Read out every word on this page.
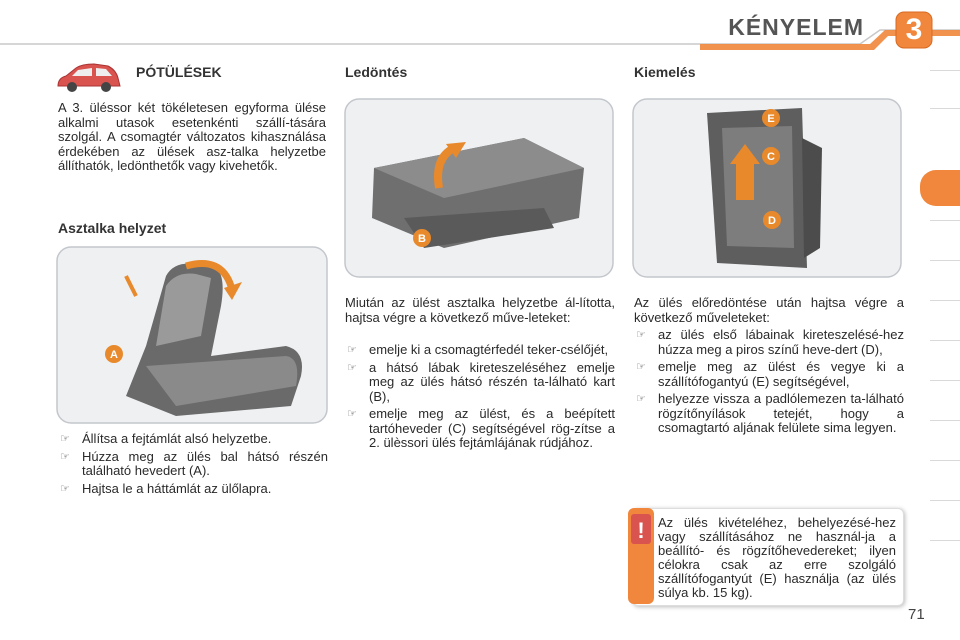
KÉNYELEM	3
PÓTÜLÉSEK
A 3. üléssor két tökéletesen egyforma ülése alkalmi utasok esetenkénti szállí-tására szolgál. A csomagtér változatos kihasználása érdekében az ülések asz-talka helyzetbe állíthatók, ledönthetők vagy kivehetők.
Asztalka helyzet
A
☞ Állítsa a fejtámlát alsó helyzetbe.
☞ Húzza meg az ülés bal hátsó részén található hevedert (A).
☞ Hajtsa le a háttámlát az ülőlapra.
Ledöntés
B
Miután az ülést asztalka helyzetbe ál-lította, hajtsa végre a következő műve-leteket:
☞ emelje ki a csomagtérfedél teker-csélőjét,
☞ a hátsó lábak kireteszeléséhez emelje meg az ülés hátsó részén ta-lálható kart (B),
☞ emelje meg az ülést, és a beépített tartóheveder (C) segítségével rög-zítse a 2. ülèssori ülés fejtámlájának rúdjához.
Kiemelés
E
C
D
Az ülés előredöntése után hajtsa végre a következő műveleteket:
☞ az ülés első lábainak kireteszelésé-hez húzza meg a piros színű heve-dert (D),
☞ emelje meg az ülést és vegye ki a szállítófogantyú (E) segítségével,
☞ helyezze vissza a padlólemezen ta-lálható rögzítőnyílások tetejét, hogy a csomagtartó aljának felülete sima legyen.
! Az ülés kivételéhez, behelyezésé-hez vagy szállításához ne használ-ja a beállító- és rögzítőhevedereket; ilyen célokra csak az erre szolgáló szállítófogantyút (E) használja (az ülés súlya kb. 15 kg).
71
